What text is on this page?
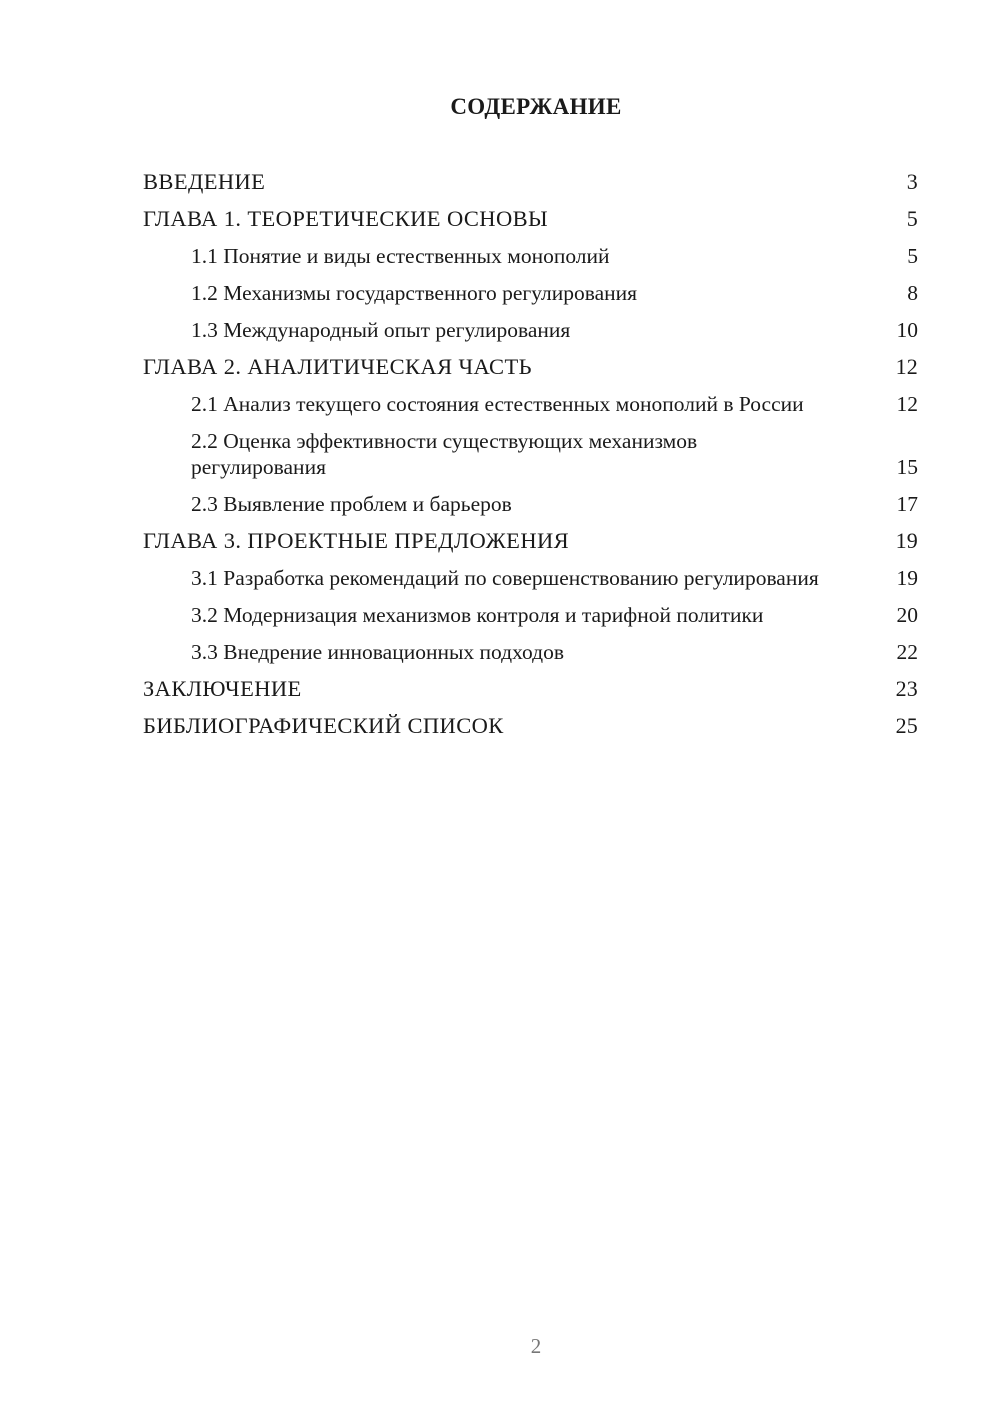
СОДЕРЖАНИЕ
ВВЕДЕНИЕ	3
ГЛАВА 1. ТЕОРЕТИЧЕСКИЕ ОСНОВЫ	5
1.1 Понятие и виды естественных монополий	5
1.2 Механизмы государственного регулирования	8
1.3 Международный опыт регулирования	10
ГЛАВА 2. АНАЛИТИЧЕСКАЯ ЧАСТЬ	12
2.1 Анализ текущего состояния естественных монополий в России	12
2.2 Оценка эффективности существующих механизмов регулирования	15
2.3 Выявление проблем и барьеров	17
ГЛАВА 3. ПРОЕКТНЫЕ ПРЕДЛОЖЕНИЯ	19
3.1 Разработка рекомендаций по совершенствованию регулирования	19
3.2 Модернизация механизмов контроля и тарифной политики	20
3.3 Внедрение инновационных подходов	22
ЗАКЛЮЧЕНИЕ	23
БИБЛИОГРАФИЧЕСКИЙ СПИСОК	25
2
